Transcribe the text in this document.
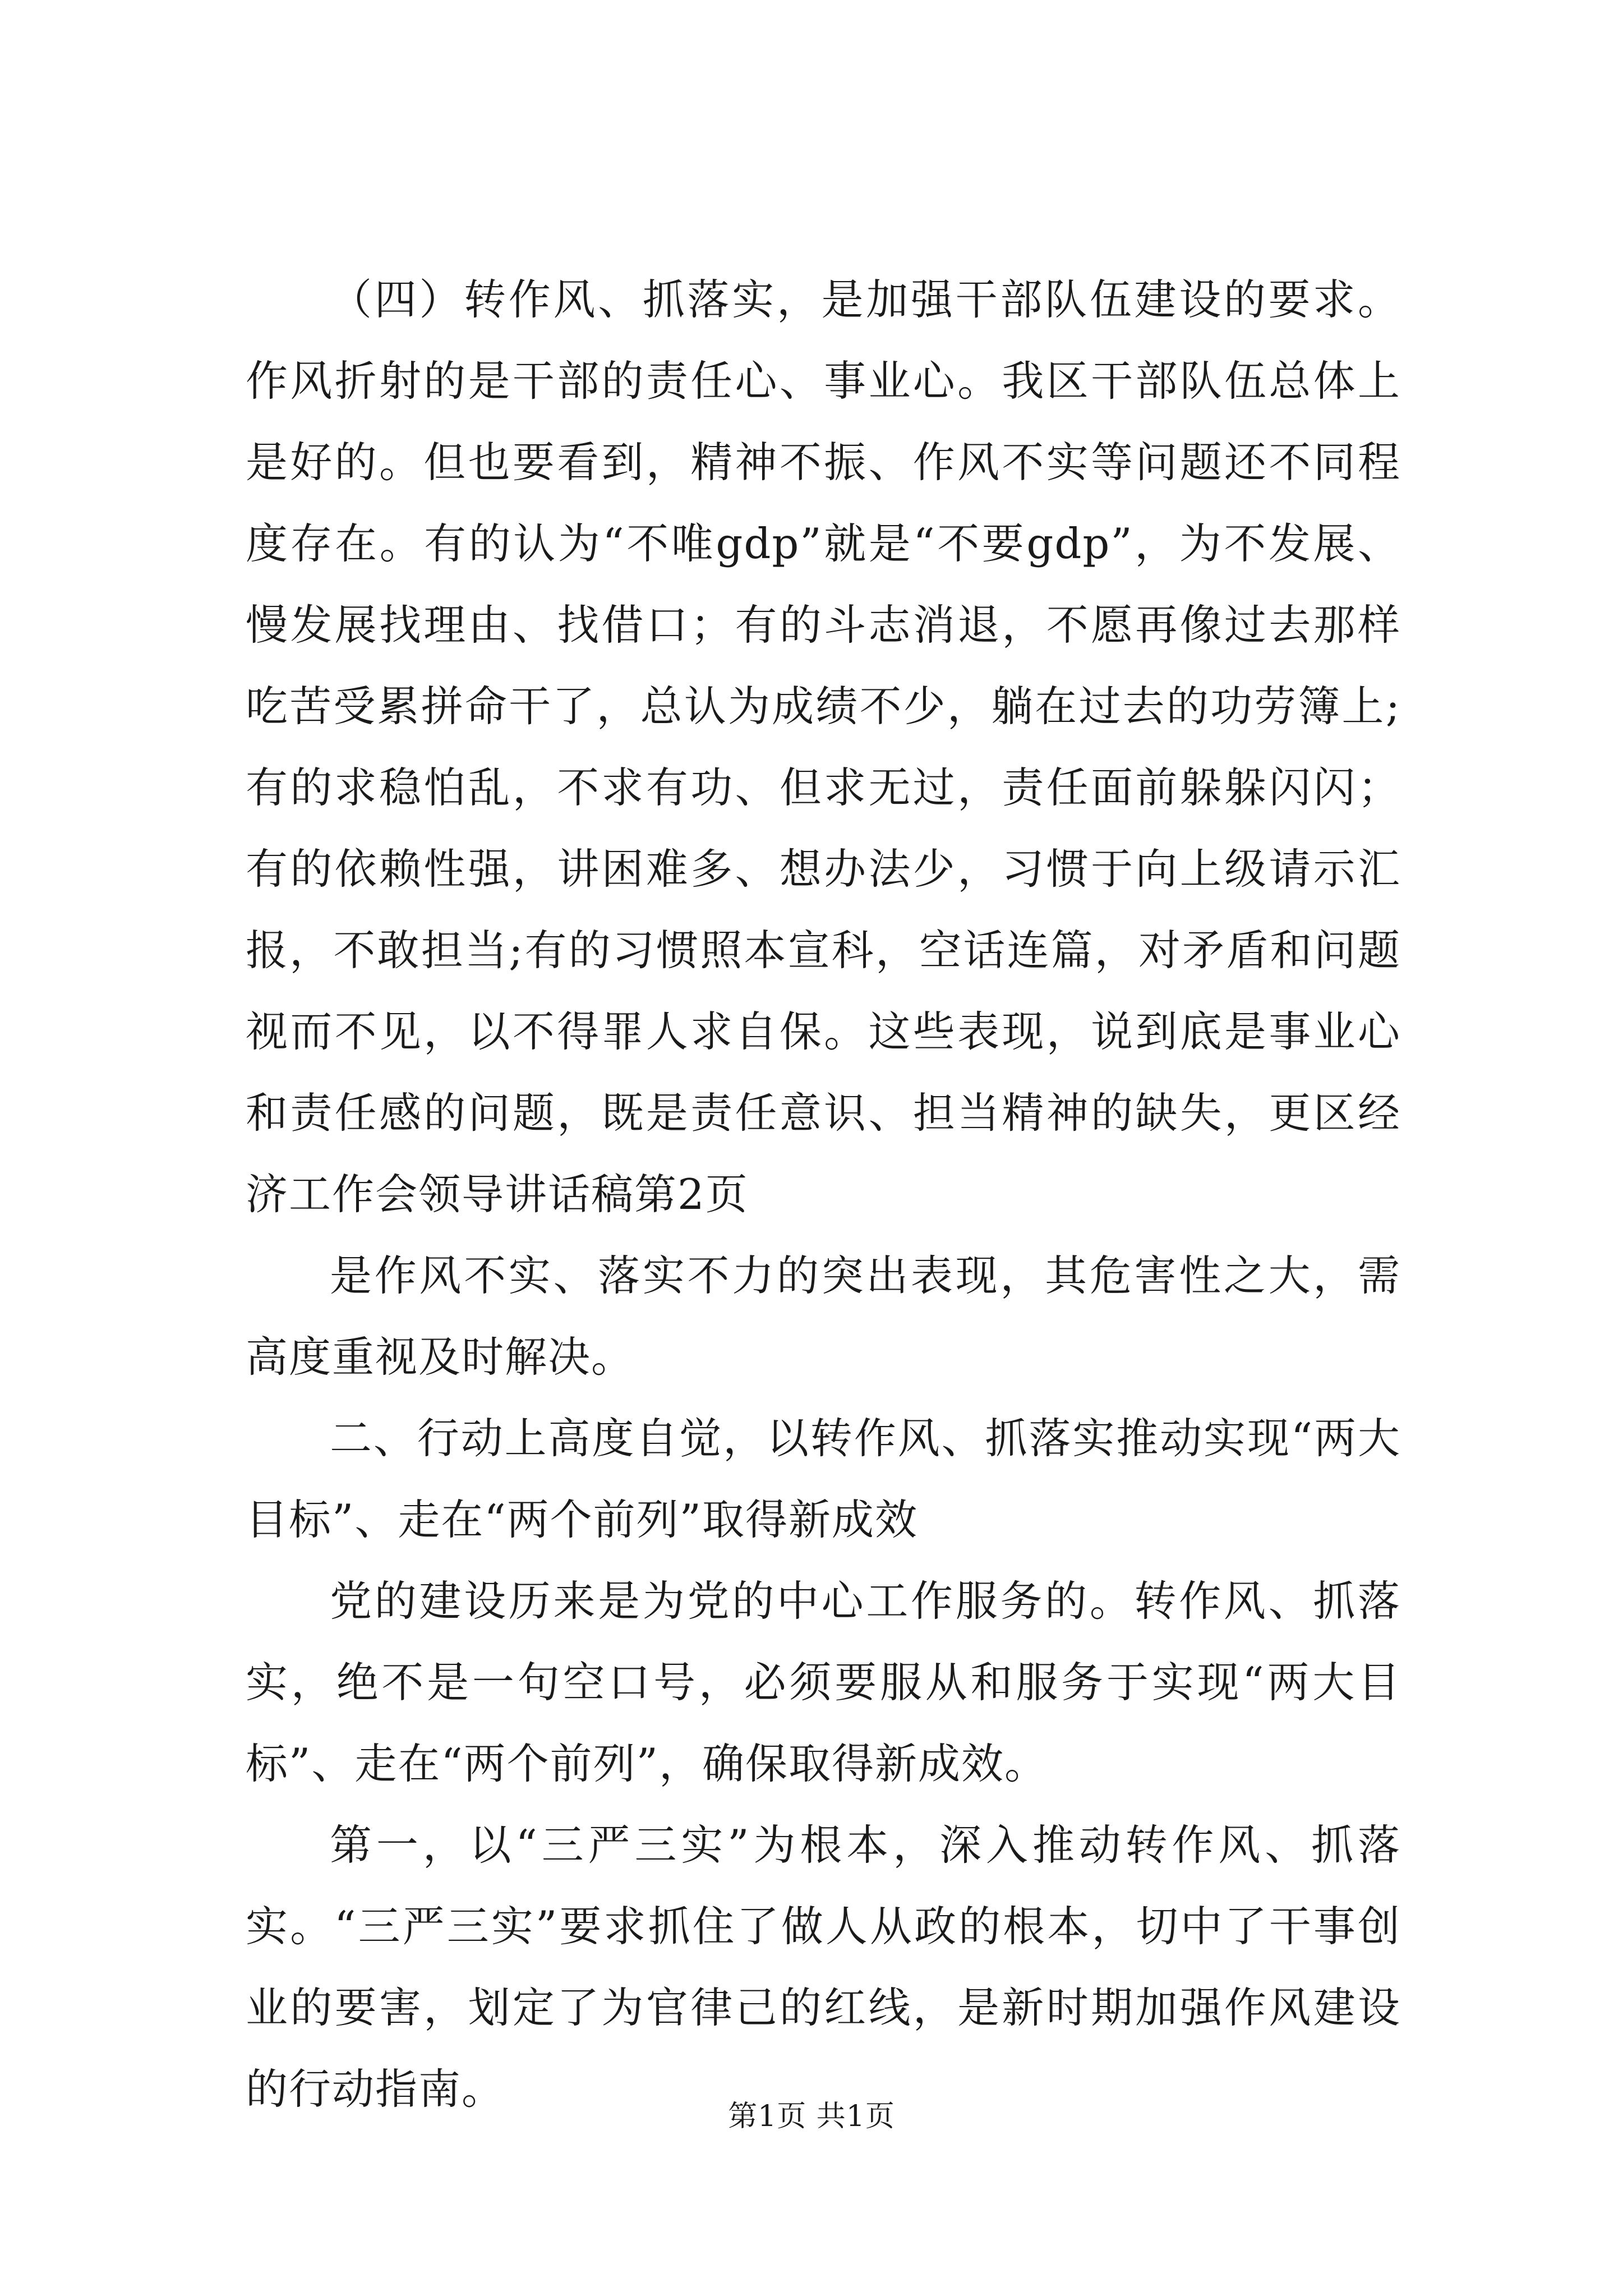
（四）转作风、抓落实，是加强干部队伍建设的要求。作风折射的是干部的责任心、事业心。我区干部队伍总体上是好的。但也要看到，精神不振、作风不实等问题还不同程度存在。有的认为“不唯gdp”就是“不要gdp”，为不发展、慢发展找理由、找借口；有的斗志消退，不愿再像过去那样吃苦受累拼命干了，总认为成绩不少，躺在过去的功劳簿上;有的求稳怕乱，不求有功、但求无过，责任面前躲躲闪闪；有的依赖性强，讲困难多、想办法少，习惯于向上级请示汇报，不敢担当;有的习惯照本宣科，空话连篇，对矛盾和问题视而不见，以不得罪人求自保。这些表现，说到底是事业心和责任感的问题，既是责任意识、担当精神的缺失，更区经济工作会领导讲话稿第2页

是作风不实、落实不力的突出表现，其危害性之大，需高度重视及时解决。

二、行动上高度自觉，以转作风、抓落实推动实现“两大目标”、走在“两个前列”取得新成效

党的建设历来是为党的中心工作服务的。转作风、抓落实，绝不是一句空口号，必须要服从和服务于实现“两大目标”、走在“两个前列”，确保取得新成效。

第一，以“三严三实”为根本，深入推动转作风、抓落实。“三严三实”要求抓住了做人从政的根本，切中了干事创业的要害，划定了为官律己的红线，是新时期加强作风建设的行动指南。

第1页 共1页
